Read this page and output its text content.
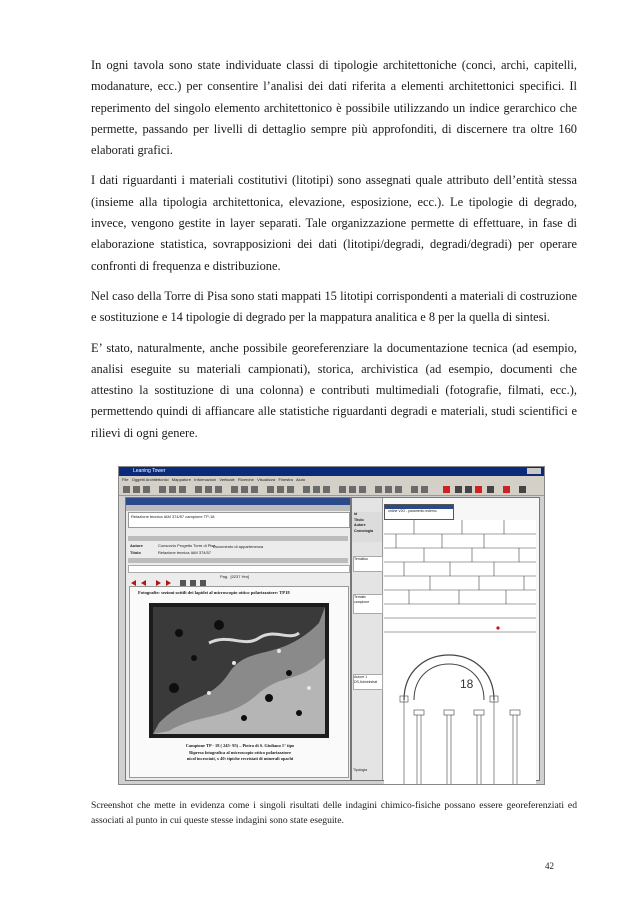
In ogni tavola sono state individuate classi di tipologie architettoniche (conci, archi, capitelli, modanature, ecc.) per consentire l’analisi dei dati riferita a elementi architettonici specifici. Il reperimento del singolo elemento architettonico è possibile utilizzando un indice gerarchico che permette, passando per livelli di dettaglio sempre più approfonditi, di discernere tra oltre 160 elaborati grafici.

I dati riguardanti i materiali costitutivi (litotipi) sono assegnati quale attributo dell’entità stessa (insieme alla tipologia architettonica, elevazione, esposizione, ecc.). Le tipologie di degrado, invece, vengono gestite in layer separati. Tale organizzazione permette di effettuare, in fase di elaborazione statistica, sovrapposizioni dei dati (litotipi/degradi, degradi/degradi) per operare confronti di frequenza e distribuzione.

Nel caso della Torre di Pisa sono stati mappati 15 litotipi corrispondenti a materiali di costruzione e sostituzione e 14 tipologie di degrado per la mappatura analitica e 8 per la quella di sintesi.

E’ stato, naturalmente, anche possibile georeferenziare la documentazione tecnica (ad esempio, analisi eseguite su materiali campionati), storica, archivistica (ad esempio, documenti che attestino la sostituzione di una colonna) e contributi multimediali (fotografie, filmati, ecc.), permettendo quindi di affiancare alle statistiche riguardanti degradi e materiali, studi scientifici e rilievi di ogni genere.

Leaning Tower
File   Oggetti Architettonici   Mappature   Informazioni   Verticale   Ricerche   Visualizza   Finestra   Aiuto
Relazione tecnica IAM 374/57 campione TP-18
Documento di appartenenza
Autore	Consorzio Progetto Torre di Pisa
Titolo	Relazione tecnica IAM 374/57
Pag.  [0237 Hm]
Fotografie: sezioni sottili dei lapidei al microscopio ottico polarizzatore: TP18
Campione TP - 18 ( 245- 95) – Pietra di S. Giuliano 1° tipo
Ripresa fotografica al microscopio ottico polarizzatore
nicol incrociati, x 40: tipiche recristati di minerali opachi
Id
Titolo
Autore
Cronologia
Tematiso
Tematic
campione
Autore 1
DS Administrat
Tipologia
ordine V2O - paramento esterno
18
Screenshot che mette in evidenza come i singoli risultati delle indagini chimico-fisiche possano essere georeferenziati ed associati al punto in cui queste stesse indagini sono state eseguite.
42
